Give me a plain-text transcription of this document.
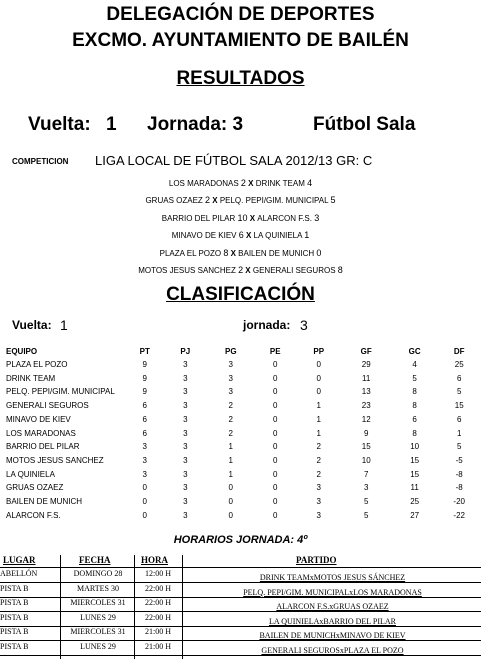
DELEGACIÓN DE DEPORTES
EXCMO. AYUNTAMIENTO DE BAILÉN
RESULTADOS
Vuelta: 1 Jornada: 3	Fútbol Sala
COMPETICION LIGA LOCAL DE FÚTBOL SALA 2012/13 GR: C
LOS MARADONAS 2 X DRINK TEAM 4
GRUAS OZAEZ 2 X PELQ. PEPI/GIM. MUNICIPAL 5
BARRIO DEL PILAR 10 X ALARCON F.S. 3
MINAVO DE KIEV 6 X LA QUINIELA 1
PLAZA EL POZO 8 X BAILEN DE MUNICH 0
MOTOS JESUS SANCHEZ 2 X GENERALI SEGUROS 8
CLASIFICACIÓN
Vuelta: 1	jornada: 3
EQUIPO	PT	PJ	PG	PE	PP	GF	GC	DF
PLAZA EL POZO	9	3	3	0	0	29	4	25
DRINK TEAM	9	3	3	0	0	11	5	6
PELQ. PEPI/GIM. MUNICIPAL	9	3	3	0	0	13	8	5
GENERALI SEGUROS	6	3	2	0	1	23	8	15
MINAVO DE KIEV	6	3	2	0	1	12	6	6
LOS MARADONAS	6	3	2	0	1	9	8	1
BARRIO DEL PILAR	3	3	1	0	2	15	10	5
MOTOS JESUS SANCHEZ	3	3	1	0	2	10	15	-5
LA QUINIELA	3	3	1	0	2	7	15	-8
GRUAS OZAEZ	0	3	0	0	3	3	11	-8
BAILEN DE MUNICH	0	3	0	0	3	5	25	-20
ALARCON F.S.	0	3	0	0	3	5	27	-22
HORARIOS JORNADA: 4º
LUGAR	FECHA	HORA	PARTIDO
ABELLÓN	DOMINGO 28	12:00 H	DRINK TEAMxMOTOS JESUS SÁNCHEZ
PISTA B	MARTES 30	22:00 H	PELQ. PEPI/GIM. MUNICIPALxLOS MARADONAS
PISTA B	MIERCOLES 31	22:00 H	ALARCON F.S.xGRUAS OZAEZ
PISTA B	LUNES 29	22:00 H	LA QUINIELAxBARRIO DEL PILAR
PISTA B	MIERCOLES 31	21:00 H	BAILEN DE MUNICHxMINAVO DE KIEV
PISTA B	LUNES 29	21:00 H	GENERALI SEGUROSxPLAZA EL POZO
